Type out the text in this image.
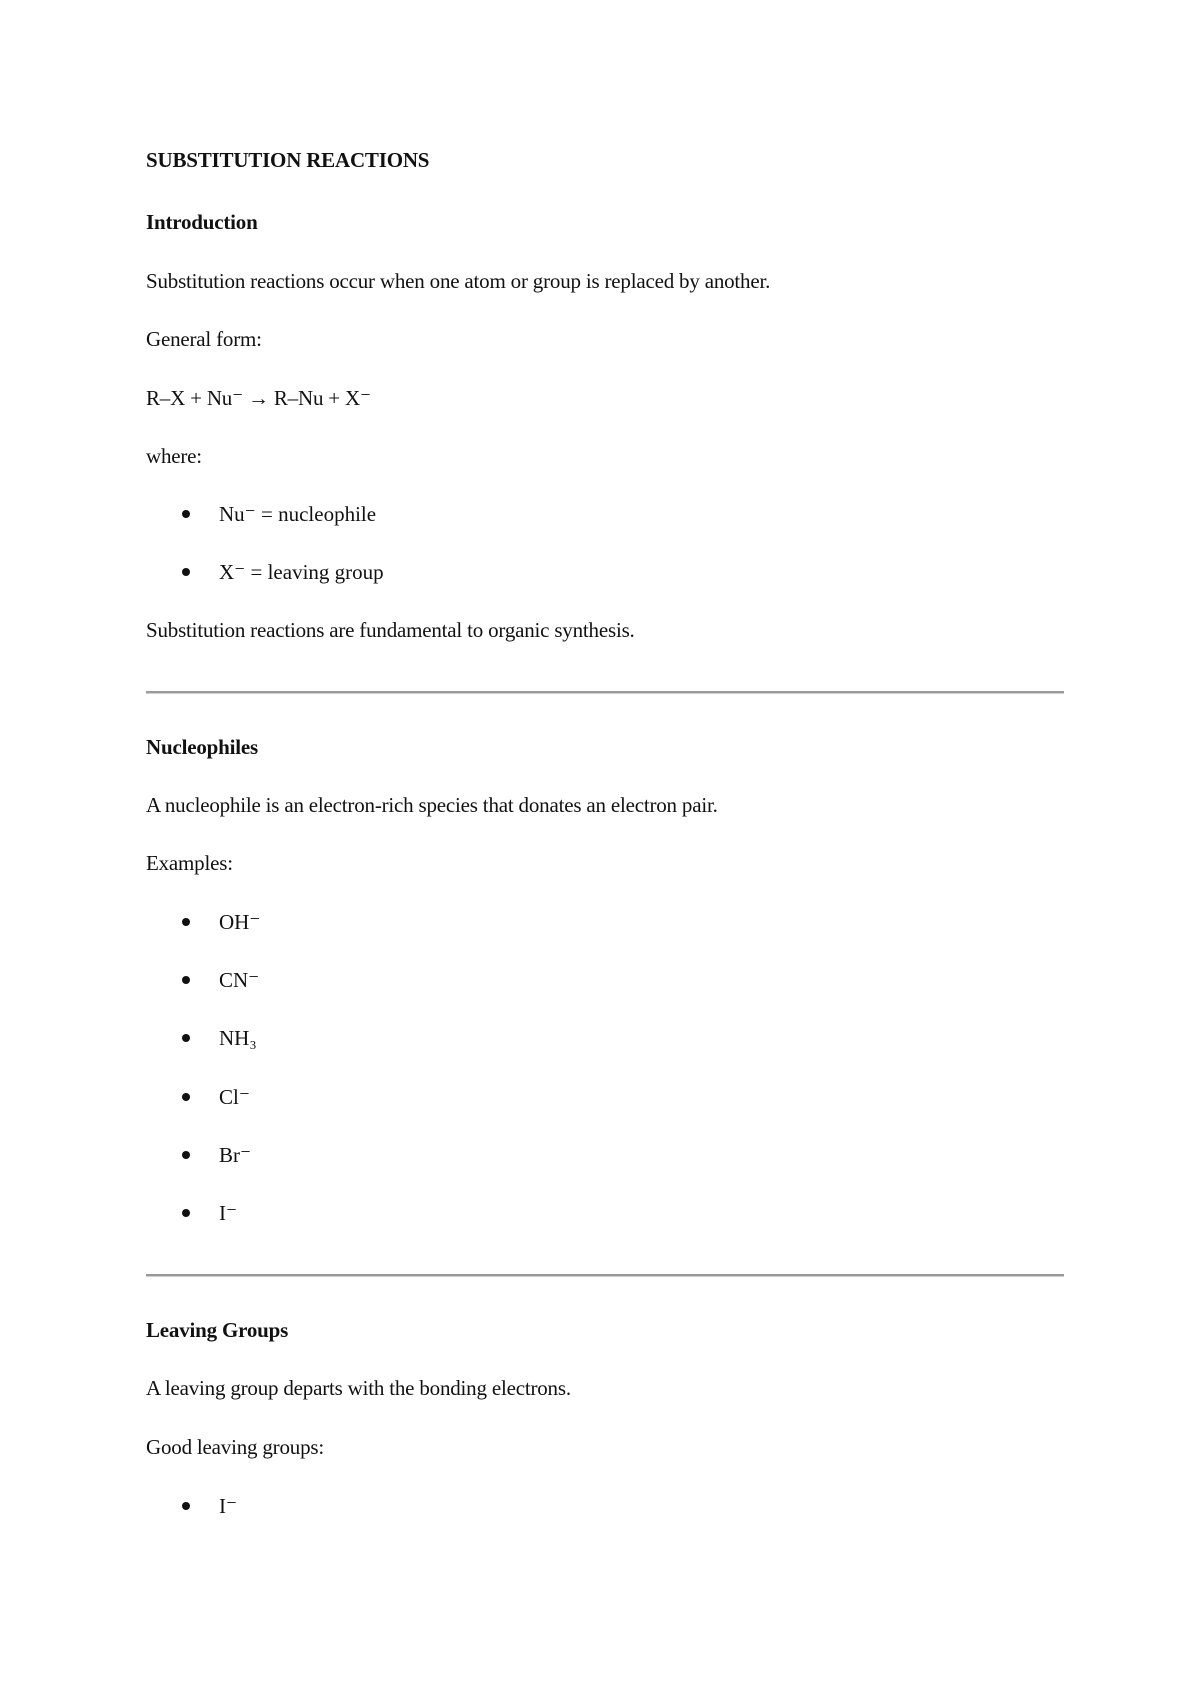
SUBSTITUTION REACTIONS
Introduction
Substitution reactions occur when one atom or group is replaced by another.
General form:
R–X + Nu⁻ → R–Nu + X⁻
where:
Nu⁻ = nucleophile
X⁻ = leaving group
Substitution reactions are fundamental to organic synthesis.
Nucleophiles
A nucleophile is an electron-rich species that donates an electron pair.
Examples:
OH⁻
CN⁻
NH₃
Cl⁻
Br⁻
I⁻
Leaving Groups
A leaving group departs with the bonding electrons.
Good leaving groups:
I⁻
